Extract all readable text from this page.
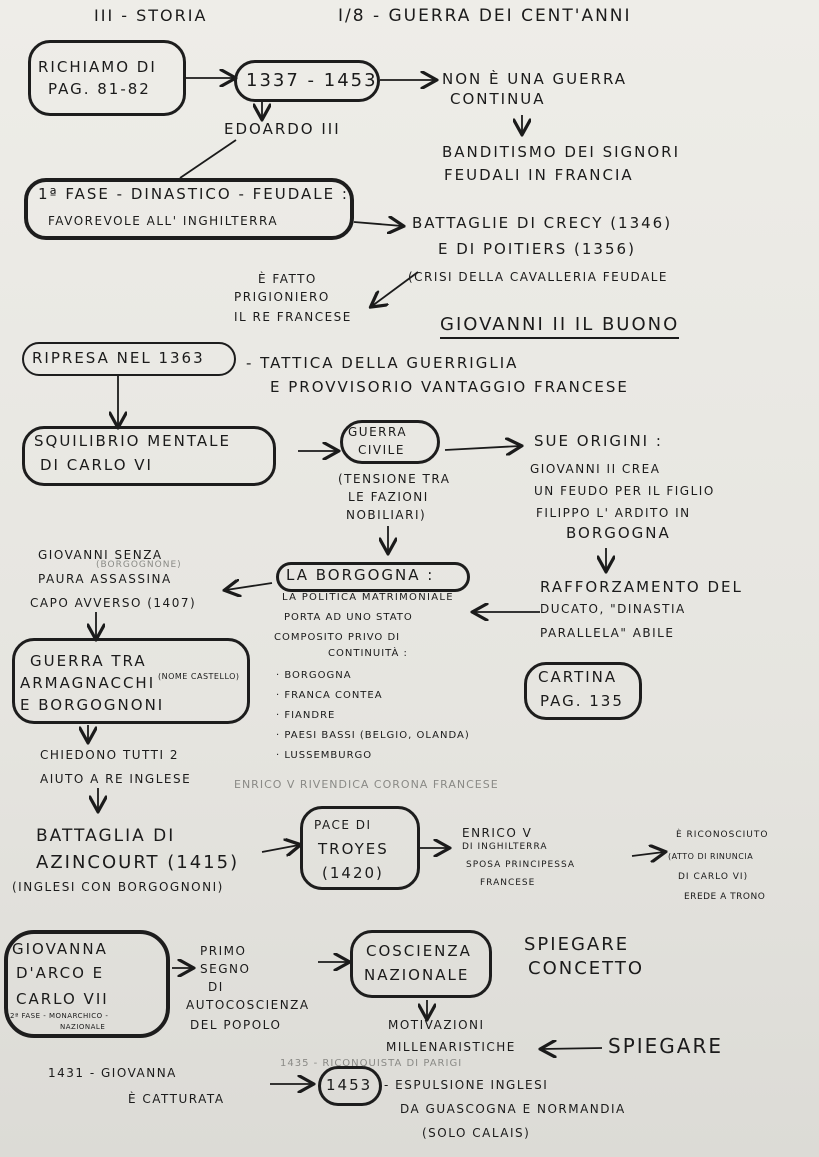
III - STORIA	I/8 - GUERRA DEI CENT'ANNI
RICHIAMO DI
PAG. 81-82	1337 - 1453	NON È UNA GUERRA
CONTINUA
EDOARDO III
BANDITISMO DEI SIGNORI
FEUDALI IN FRANCIA
1ª FASE - DINASTICO - FEUDALE :
FAVOREVOLE ALL' INGHILTERRA	BATTAGLIE DI CRECY (1346)
E DI POITIERS (1356)
(CRISI DELLA CAVALLERIA FEUDALE
È FATTO
PRIGIONIERO
IL RE FRANCESE	GIOVANNI II IL BUONO
RIPRESA NEL 1363	- TATTICA DELLA GUERRIGLIA
E PROVVISORIO VANTAGGIO FRANCESE
SQUILIBRIO MENTALE
DI CARLO VI
GUERRA
CIVILE
(TENSIONE TRA
LE FAZIONI
NOBILIARI)
SUE ORIGINI :
GIOVANNI II CREA
UN FEUDO PER IL FIGLIO
FILIPPO L' ARDITO IN
BORGOGNA
RAFFORZAMENTO DEL
DUCATO, "DINASTIA
PARALLELA" ABILE
GIOVANNI SENZA
(BORGOGNONE)
PAURA ASSASSINA
CAPO AVVERSO (1407)
LA BORGOGNA :
LA POLITICA MATRIMONIALE
PORTA AD UNO STATO
COMPOSITO PRIVO DI
CONTINUITÀ :
· BORGOGNA
· FRANCA CONTEA
· FIANDRE
· PAESI BASSI (BELGIO, OLANDA)
· LUSSEMBURGO
CARTINA
PAG. 135
GUERRA TRA
ARMAGNACCHI (NOME CASTELLO)
E BORGOGNONI
CHIEDONO TUTTI 2
AIUTO A RE INGLESE	ENRICO V RIVENDICA CORONA FRANCESE
BATTAGLIA DI
AZINCOURT (1415)
(INGLESI CON BORGOGNONI)
PACE DI
TROYES
(1420)
ENRICO V
DI INGHILTERRA
SPOSA PRINCIPESSA
FRANCESE
È RICONOSCIUTO
(ATTO DI RINUNCIA
DI CARLO VI)
EREDE A TRONO
GIOVANNA
D'ARCO E
CARLO VII
2ª FASE - MONARCHICO -
NAZIONALE
PRIMO
SEGNO
DI
AUTOCOSCIENZA
DEL POPOLO
COSCIENZA
NAZIONALE
SPIEGARE
CONCETTO
MOTIVAZIONI
MILLENARISTICHE	SPIEGARE
1435 - RICONQUISTA DI PARIGI
1431 - GIOVANNA
È CATTURATA
1453 - ESPULSIONE INGLESI
DA GUASCOGNA E NORMANDIA
(SOLO CALAIS)
